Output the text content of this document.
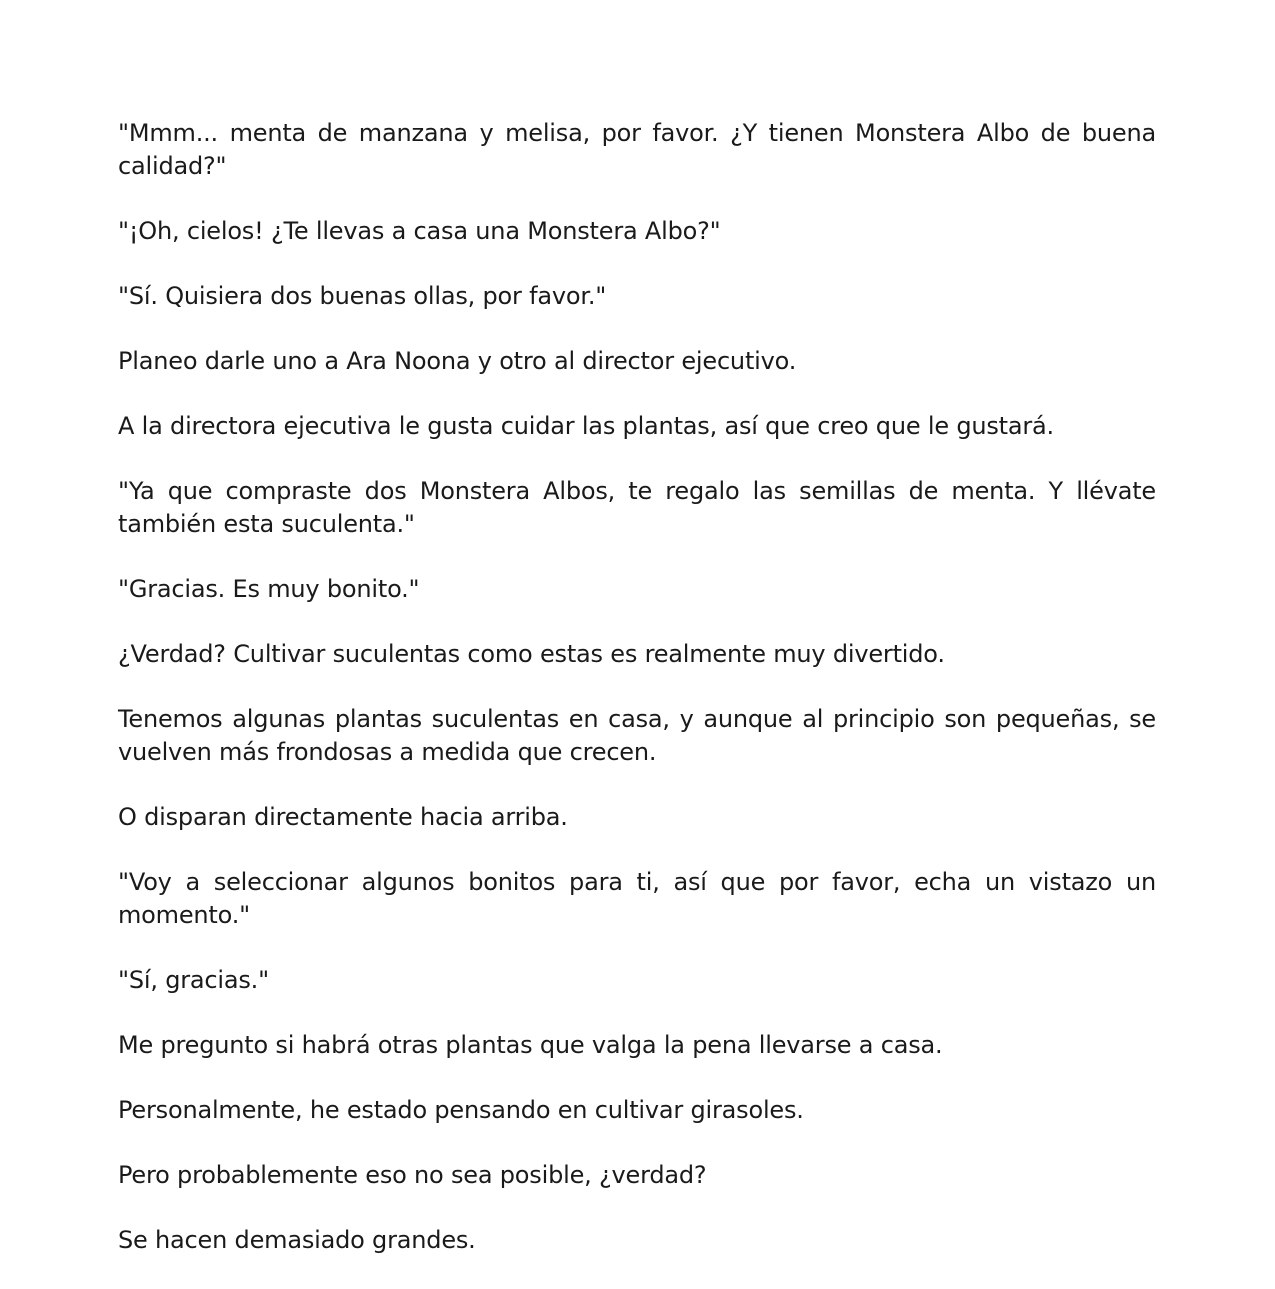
"Mmm... menta de manzana y melisa, por favor. ¿Y tienen Monstera Albo de buena calidad?"

"¡Oh, cielos! ¿Te llevas a casa una Monstera Albo?"

"Sí. Quisiera dos buenas ollas, por favor."

Planeo darle uno a Ara Noona y otro al director ejecutivo.

A la directora ejecutiva le gusta cuidar las plantas, así que creo que le gustará.

"Ya que compraste dos Monstera Albos, te regalo las semillas de menta. Y llévate también esta suculenta."

"Gracias. Es muy bonito."

¿Verdad? Cultivar suculentas como estas es realmente muy divertido.

Tenemos algunas plantas suculentas en casa, y aunque al principio son pequeñas, se vuelven más frondosas a medida que crecen.

O disparan directamente hacia arriba.

"Voy a seleccionar algunos bonitos para ti, así que por favor, echa un vistazo un momento."

"Sí, gracias."

Me pregunto si habrá otras plantas que valga la pena llevarse a casa.

Personalmente, he estado pensando en cultivar girasoles.

Pero probablemente eso no sea posible, ¿verdad?

Se hacen demasiado grandes.
